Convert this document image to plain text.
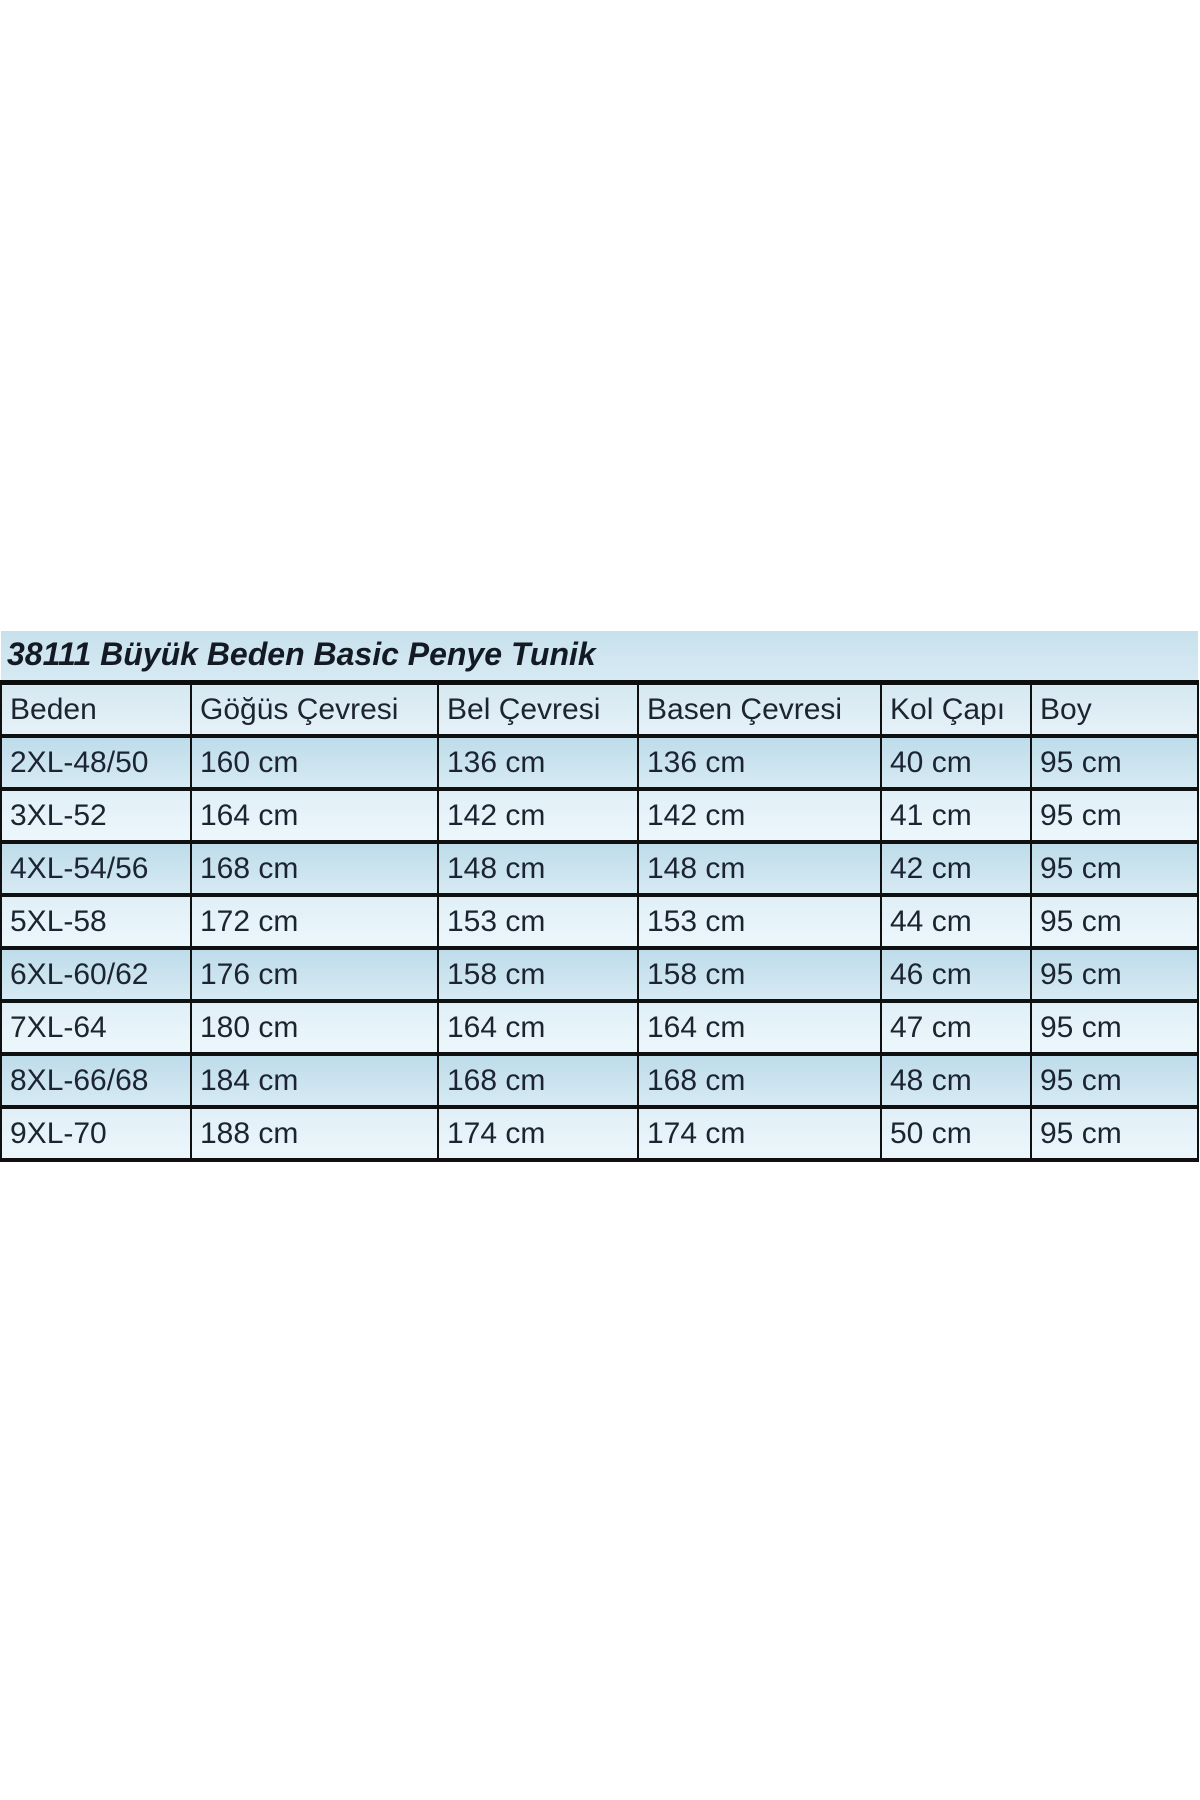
38111 Büyük Beden Basic Penye Tunik					
Beden	Göğüs Çevresi	Bel Çevresi	Basen Çevresi	Kol Çapı	Boy
2XL-48/50	160 cm	136 cm	136 cm	40 cm	95 cm
3XL-52	164 cm	142 cm	142 cm	41 cm	95 cm
4XL-54/56	168 cm	148 cm	148 cm	42 cm	95 cm
5XL-58	172 cm	153 cm	153 cm	44 cm	95 cm
6XL-60/62	176 cm	158 cm	158 cm	46 cm	95 cm
7XL-64	180 cm	164 cm	164 cm	47 cm	95 cm
8XL-66/68	184 cm	168 cm	168 cm	48 cm	95 cm
9XL-70	188 cm	174 cm	174 cm	50 cm	95 cm
